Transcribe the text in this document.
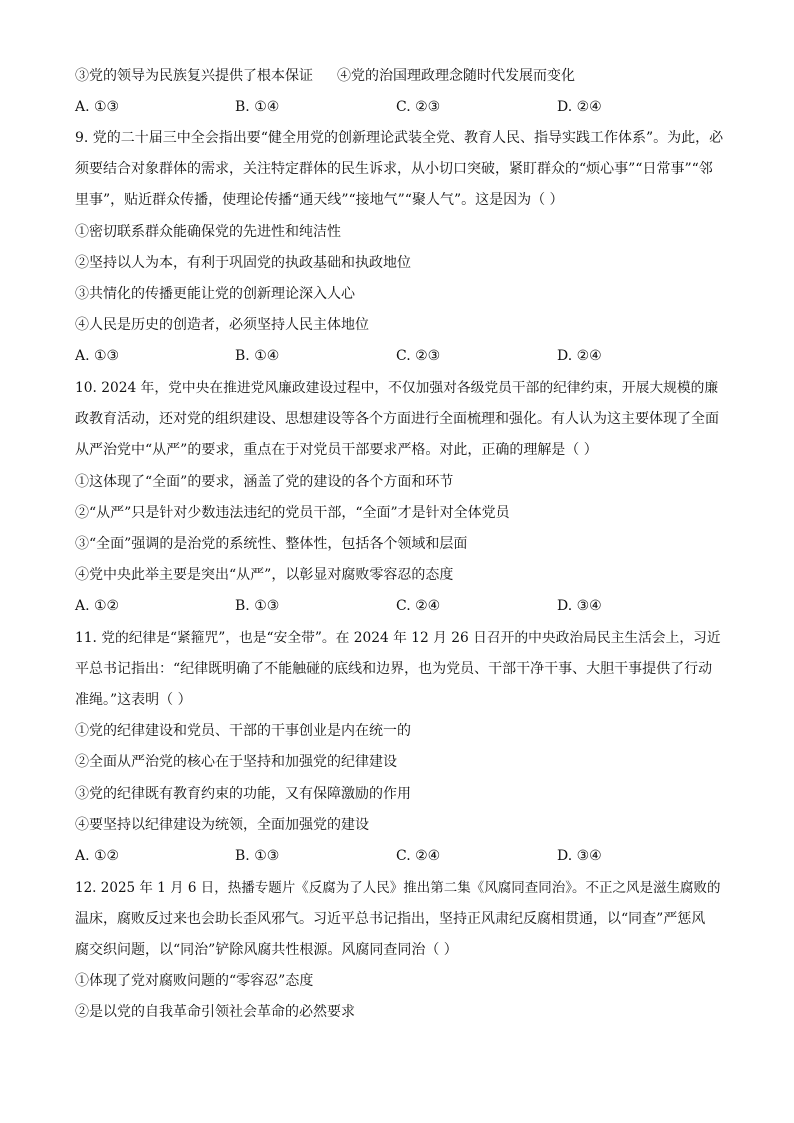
③党的领导为民族复兴提供了根本保证 ④党的治国理政理念随时代发展而变化
A. ①③	B. ①④	C. ②③	D. ②④
9. 党的二十届三中全会指出要“健全用党的创新理论武装全党、教育人民、指导实践工作体系”。为此，必
须要结合对象群体的需求，关注特定群体的民生诉求，从小切口突破，紧盯群众的“烦心事”“日常事”“邻
里事”，贴近群众传播，使理论传播“通天线”“接地气”“聚人气”。这是因为（ ）
①密切联系群众能确保党的先进性和纯洁性
②坚持以人为本，有利于巩固党的执政基础和执政地位
③共情化的传播更能让党的创新理论深入人心
④人民是历史的创造者，必须坚持人民主体地位
A. ①③	B. ①④	C. ②③	D. ②④
10. 2024 年，党中央在推进党风廉政建设过程中，不仅加强对各级党员干部的纪律约束，开展大规模的廉
政教育活动，还对党的组织建设、思想建设等各个方面进行全面梳理和强化。有人认为这主要体现了全面
从严治党中“从严”的要求，重点在于对党员干部要求严格。对此，正确的理解是（ ）
①这体现了“全面”的要求，涵盖了党的建设的各个方面和环节
②“从严”只是针对少数违法违纪的党员干部，“全面”才是针对全体党员
③“全面”强调的是治党的系统性、整体性，包括各个领域和层面
④党中央此举主要是突出“从严”，以彰显对腐败零容忍的态度
A. ①②	B. ①③	C. ②④	D. ③④
11. 党的纪律是“紧箍咒”，也是“安全带”。在 2024 年 12 月 26 日召开的中央政治局民主生活会上，习近
平总书记指出：“纪律既明确了不能触碰的底线和边界，也为党员、干部干净干事、大胆干事提供了行动
准绳。”这表明（ ）
①党的纪律建设和党员、干部的干事创业是内在统一的
②全面从严治党的核心在于坚持和加强党的纪律建设
③党的纪律既有教育约束的功能，又有保障激励的作用
④要坚持以纪律建设为统领，全面加强党的建设
A. ①②	B. ①③	C. ②④	D. ③④
12. 2025 年 1 月 6 日，热播专题片《反腐为了人民》推出第二集《风腐同查同治》。不正之风是滋生腐败的
温床，腐败反过来也会助长歪风邪气。习近平总书记指出，坚持正风肃纪反腐相贯通，以“同查”严惩风
腐交织问题，以“同治”铲除风腐共性根源。风腐同查同治（ ）
①体现了党对腐败问题的“零容忍”态度
②是以党的自我革命引领社会革命的必然要求
